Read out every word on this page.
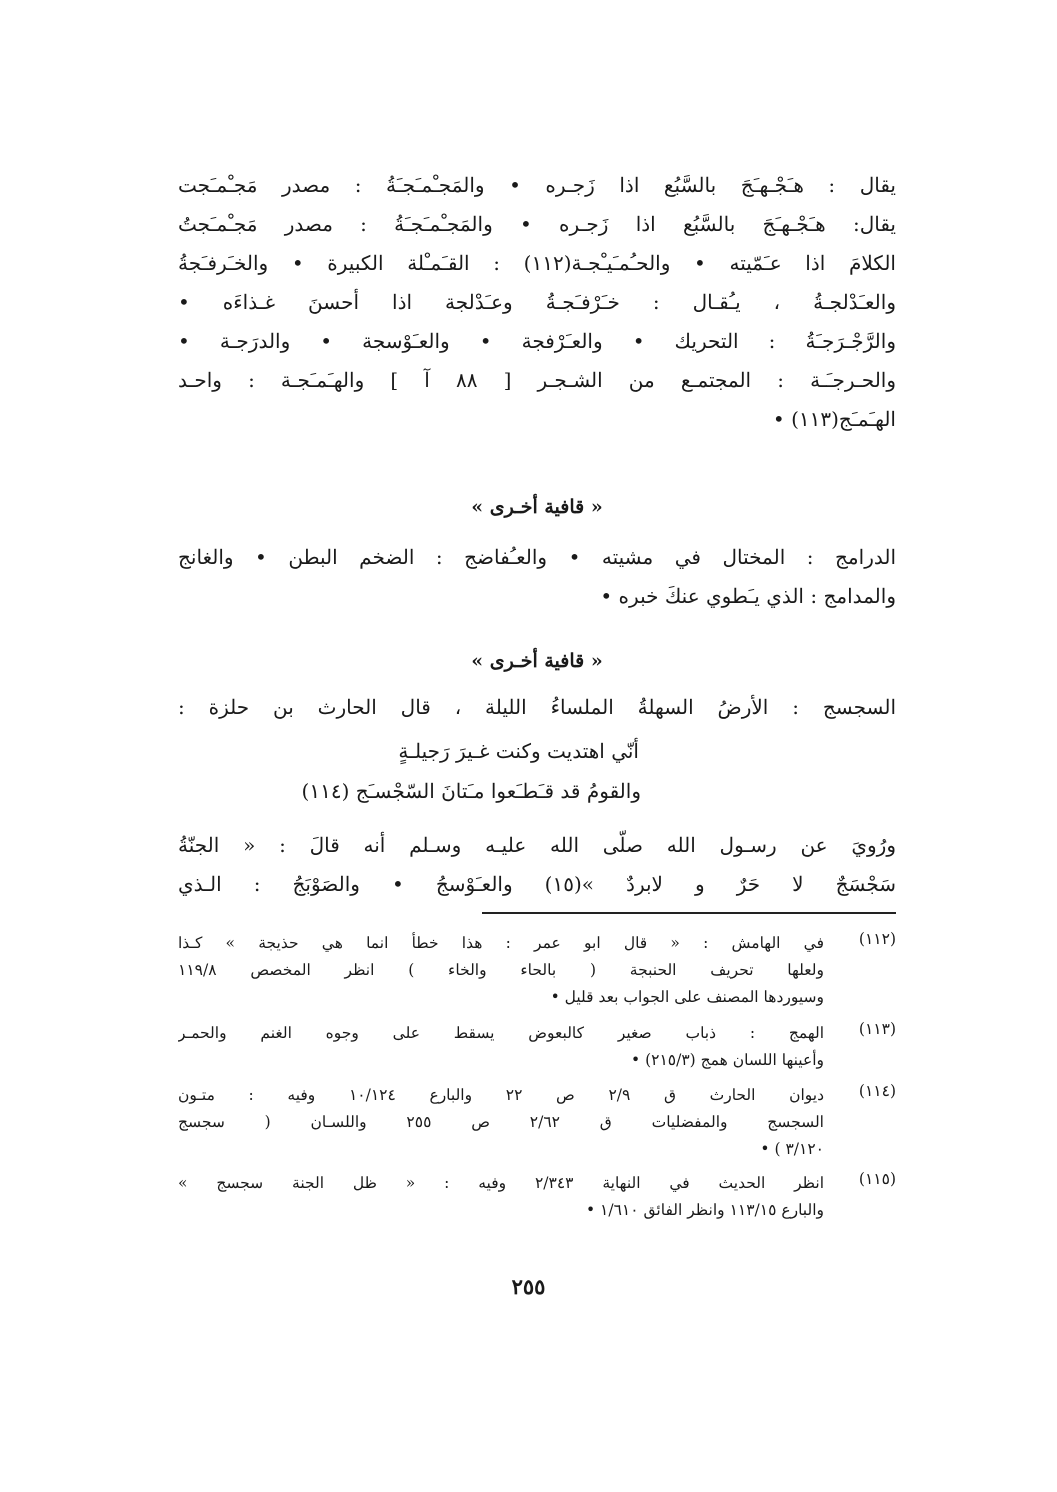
يقال : هـَجْـهـَجَ بالسَّبُع اذا زَجـره • والمَجـْمـَجـَةُ : مصدر مَجـْمـَجت
يقال: هـَجْـهـَجَ بالسَّبُع اذا زَجـره • والمَجـْمـَجـَةُ : مصدر مَجـْمـَجتُ
الكلامَ اذا عـَمّيته • والحـُمـَيـْجـة(١١٢) : القـَمـْلة الكبيرة • والخـَرفـَجةُ
والعـَدْلجـةُ ، يـُقـال : خـَرْفـَجـةُ وعـَدْلجة اذا أحسنَ غـذاءَه •
والرَّجْـرَجـَةُ : التحريك • والعـَرْفجة • والعـَوْسجة • والدرَجـة •
والحـرجـَـة : المجتمـع من الشـجـر [ ٨٨ آ ] والهـَمـَجـة : واحـد
الهـَمـَج(١١٣) •
« قافية أخـرى »
الدرامج : المختال في مشيته • والعـُفاضج : الضخم البطن • والغانج
والمدامج : الذي يـَطوي عنكَ خبره •
« قافية أخـرى »
السجسج : الأرضُ السهلةُ الملساءُ الليلة ، قال الحارث بن حلزة :
أنّي اهتديت وكنت غـيرَ رَجيلـةٍ
والقومُ قد قـَطـَعوا مـَتانَ السّجْسـَج (١١٤)
ورُويَ عن رسـول الله صلّى الله عليـه وسـلم أنه قالَ : « الجنّةُ
سَجْسَجٌ لا حَرٌ و لابردٌ »(١٥) والعـَوْسجُ • والصَوْبَجُ : الـذي
(١١٢)
في الهامش : « قال ابو عمر : هذا خطأ انما هي حذيجة » كـذا
ولعلها تحريف الحنبجة ( بالحاء والخاء ) انظر المخصص ١١٩/٨
وسيوردها المصنف على الجواب بعد قليل •
(١١٣)
الهمج : ذباب صغير كالبعوض يسقط على وجوه الغنم والحمـر
وأعينها اللسان همج (٢١٥/٣) •
(١١٤)
ديوان الحارث ق ٢/٩ ص ٢٢ والبارع ١٠/١٢٤ وفيه : متـون
السجسج والمفضليات ق ٢/٦٢ ص ٢٥٥ واللسـان ( سجسج
٣/١٢٠ ) •
(١١٥)
انظر الحديث في النهاية ٢/٣٤٣ وفيه : « ظل الجنة سجسج »
والبارع ١١٣/١٥ وانظر الفائق ١/٦١٠ •
٢٥٥
